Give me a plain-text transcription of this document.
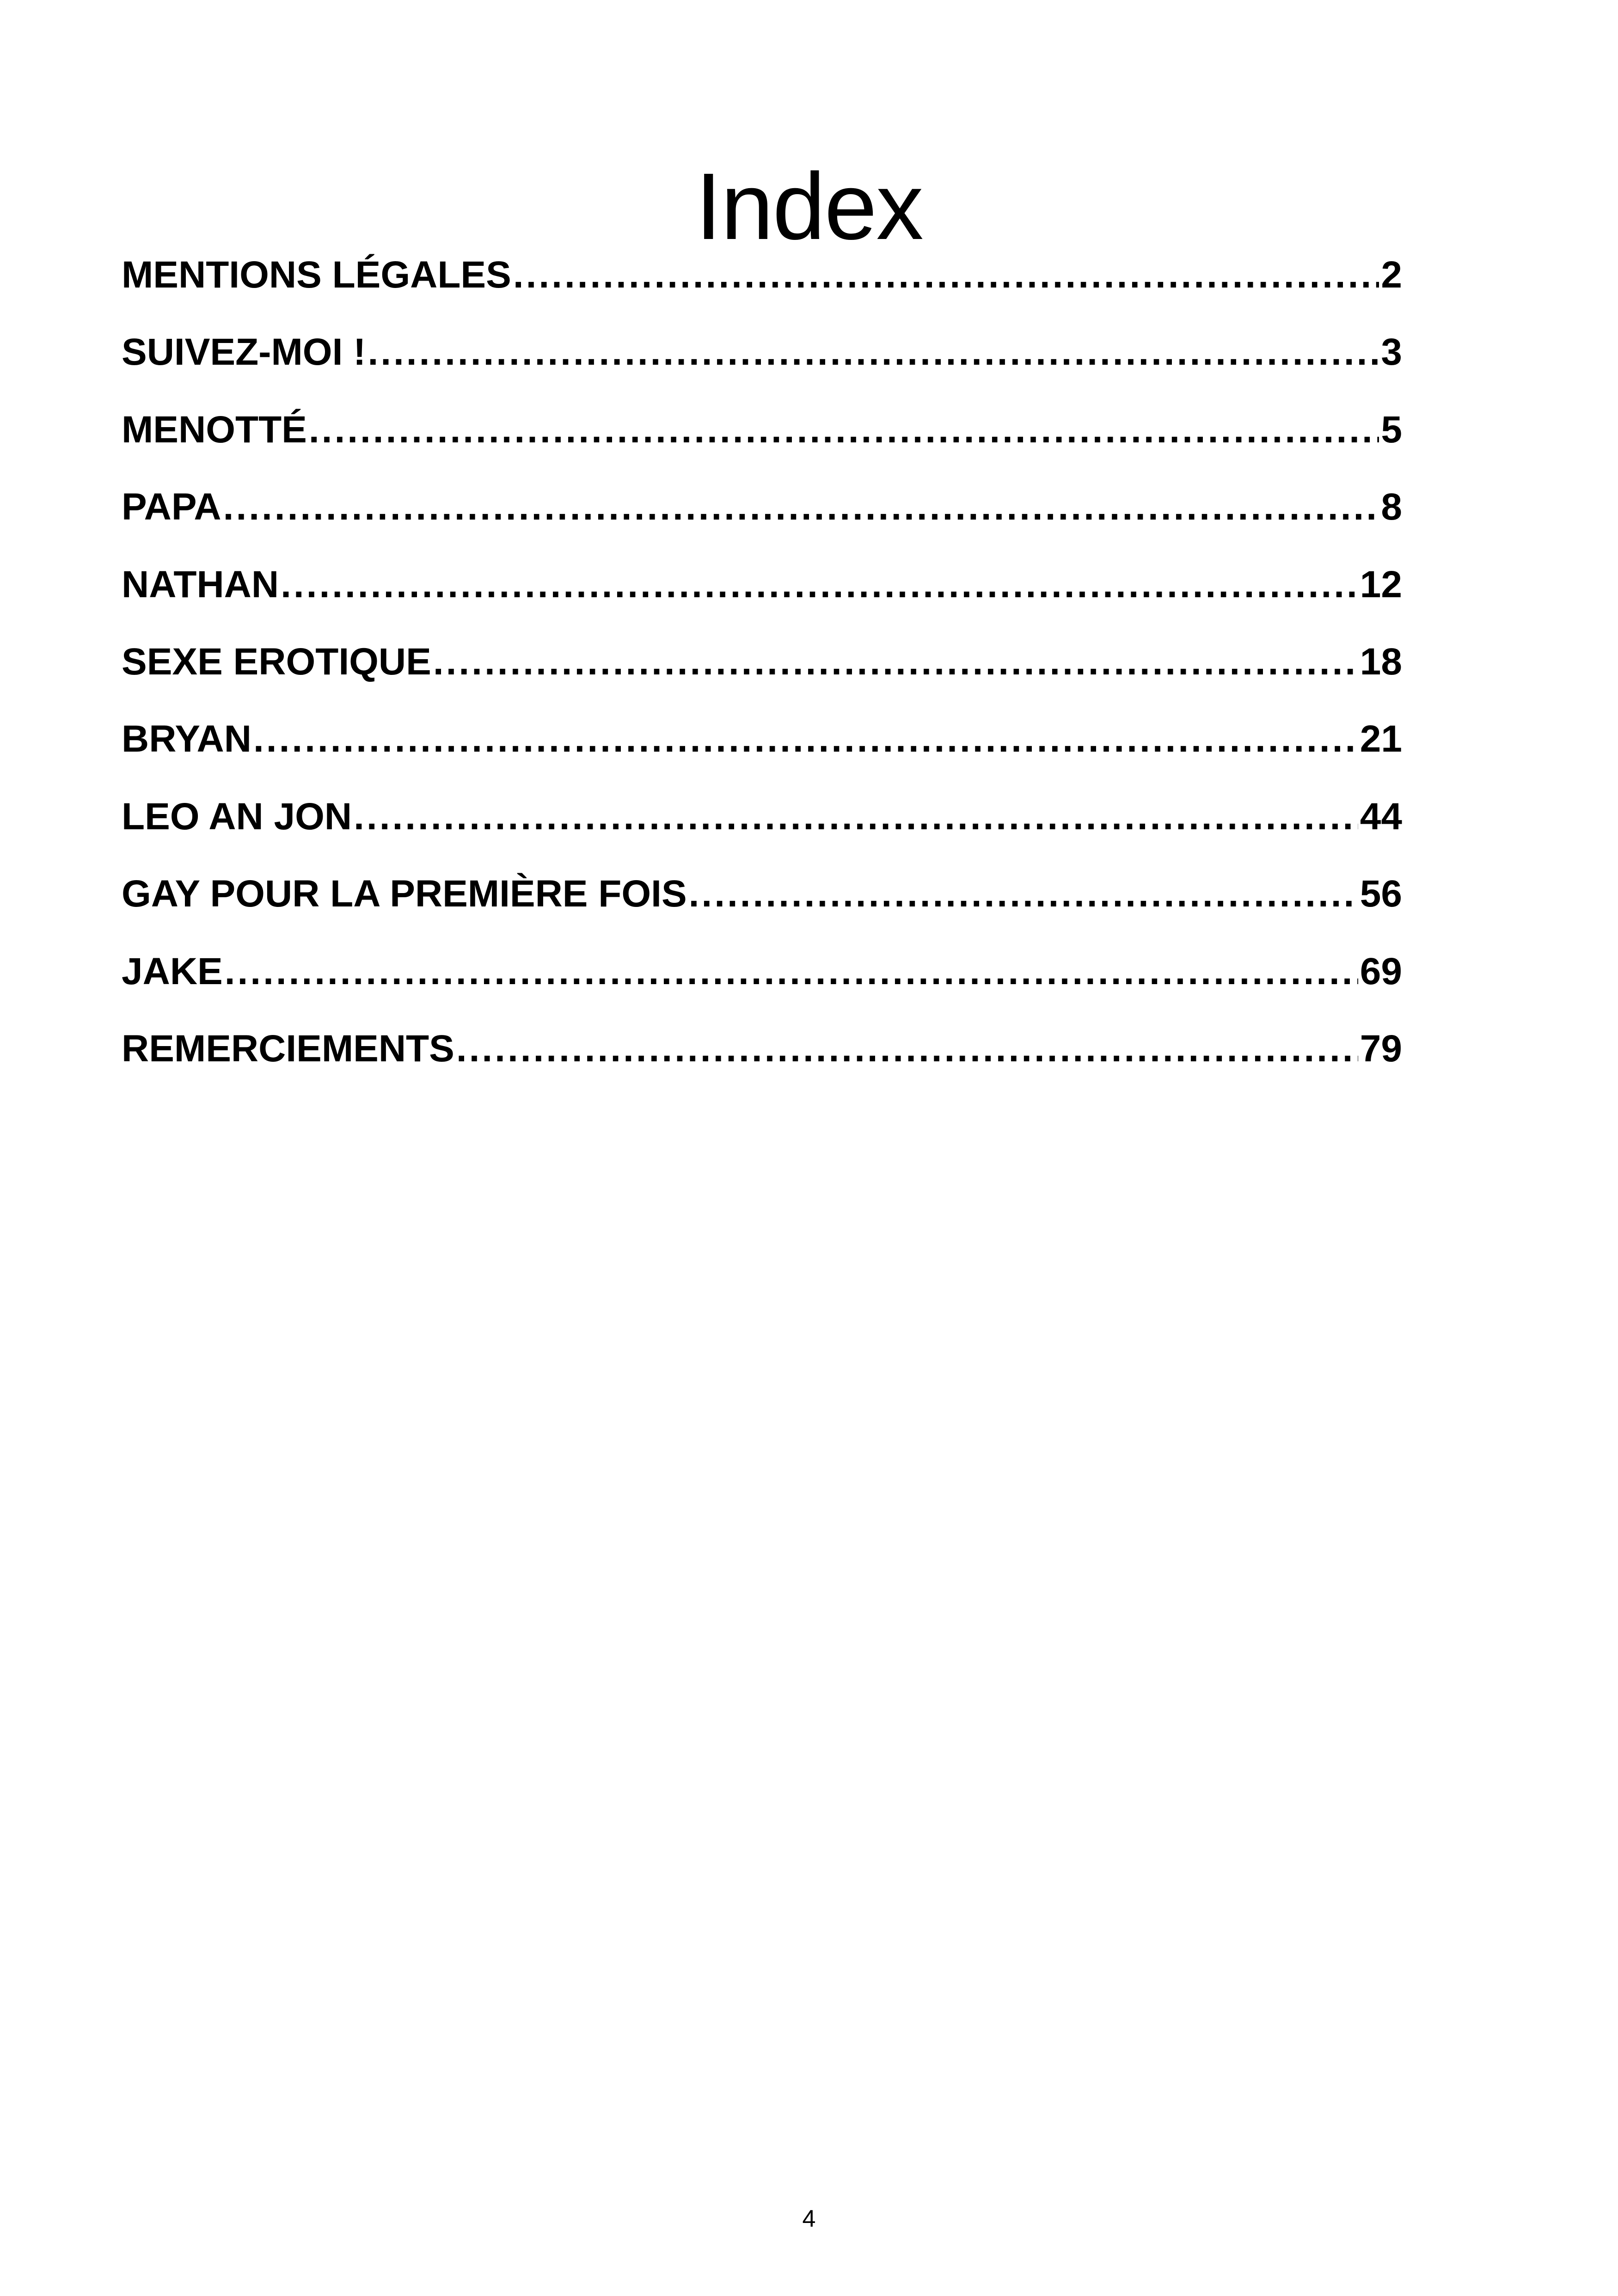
Index
MENTIONS LÉGALES .....	2
SUIVEZ-MOI ! .....	3
MENOTTÉ .....	5
PAPA .....	8
NATHAN .....	12
SEXE EROTIQUE .....	18
BRYAN .....	21
LEO AN JON .....	44
GAY POUR LA PREMIÈRE FOIS .....	56
JAKE .....	69
REMERCIEMENTS .....	79
4
